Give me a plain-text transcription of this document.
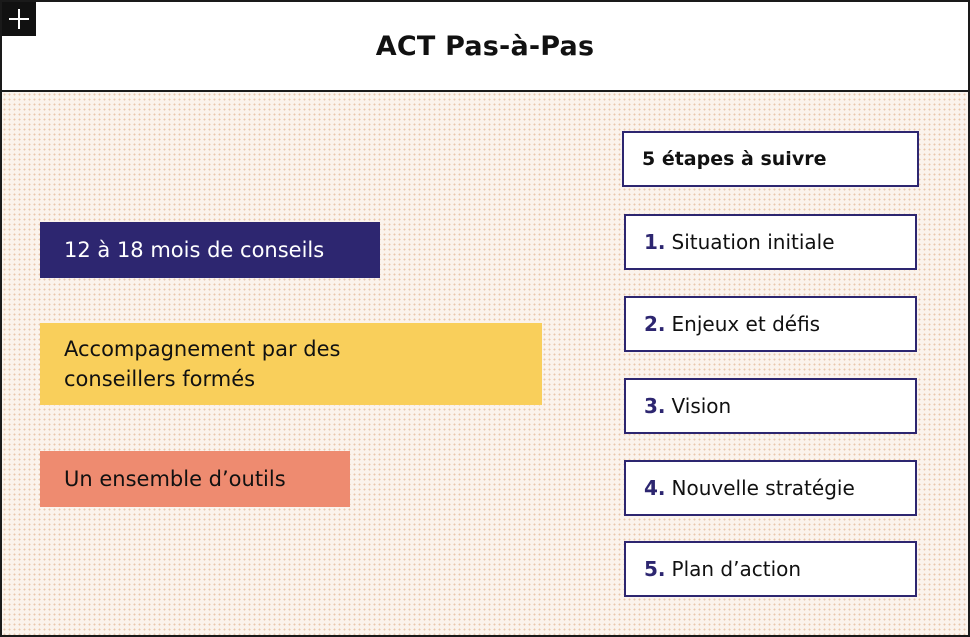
ACT Pas-à-Pas
12 à 18 mois de conseils
Accompagnement par des conseillers formés
Un ensemble d’outils
5 étapes à suivre
1. Situation initiale
2. Enjeux et défis
3. Vision
4. Nouvelle stratégie
5. Plan d’action
